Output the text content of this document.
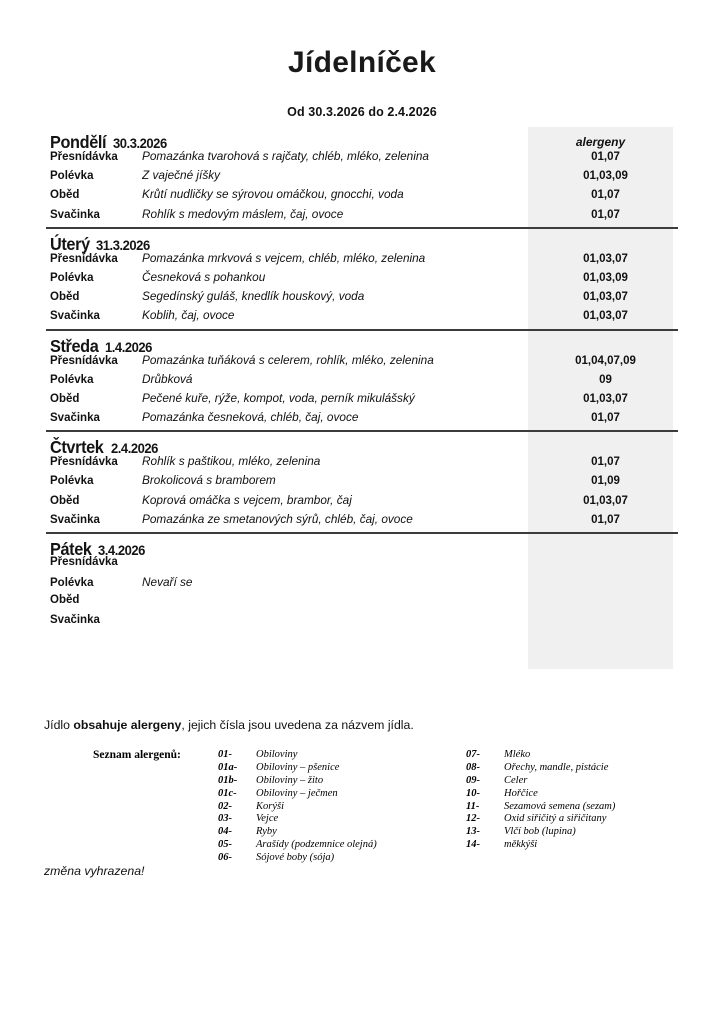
Jídelníček
Od 30.3.2026 do 2.4.2026
alergeny
Pondělí 30.3.2026
Přesnídávka	Pomazánka tvarohová s rajčaty, chléb, mléko, zelenina	01,07
Polévka	Z vaječné jíšky	01,03,09
Oběd	Krůtí nudličky se sýrovou omáčkou, gnocchi, voda	01,07
Svačinka	Rohlík s medovým máslem, čaj, ovoce	01,07
Úterý 31.3.2026
Přesnídávka	Pomazánka mrkvová s vejcem, chléb, mléko, zelenina	01,03,07
Polévka	Česneková s pohankou	01,03,09
Oběd	Segedínský guláš, knedlík houskový, voda	01,03,07
Svačinka	Koblih, čaj, ovoce	01,03,07
Středa 1.4.2026
Přesnídávka	Pomazánka tuňáková s celerem, rohlík, mléko, zelenina	01,04,07,09
Polévka	Drůbková	09
Oběd	Pečené kuře, rýže, kompot, voda, perník mikulášský	01,03,07
Svačinka	Pomazánka česneková, chléb, čaj, ovoce	01,07
Čtvrtek 2.4.2026
Přesnídávka	Rohlík s paštikou, mléko, zelenina	01,07
Polévka	Brokolicová s bramborem	01,09
Oběd	Koprová omáčka s vejcem, brambor, čaj	01,03,07
Svačinka	Pomazánka ze smetanových sýrů, chléb, čaj, ovoce	01,07
Pátek 3.4.2026
Přesnídávka
Polévka	Nevaří se
Oběd
Svačinka
Jídlo obsahuje alergeny, jejich čísla jsou uvedena za názvem jídla.
Seznam alergenů:	01-	Obiloviny
01a-	Obiloviny – pšenice
01b-	Obiloviny – žito
01c-	Obiloviny – ječmen
02-	Korýši
03-	Vejce
04-	Ryby
05-	Arašídy (podzemnice olejná)
06-	Sójové boby (sója)
07-	Mléko
08-	Ořechy, mandle, pistácie
09-	Celer
10-	Hořčice
11-	Sezamová semena (sezam)
12-	Oxid siřičitý a siřičitany
13-	Vlčí bob (lupina)
14-	měkkýši
změna vyhrazena!
